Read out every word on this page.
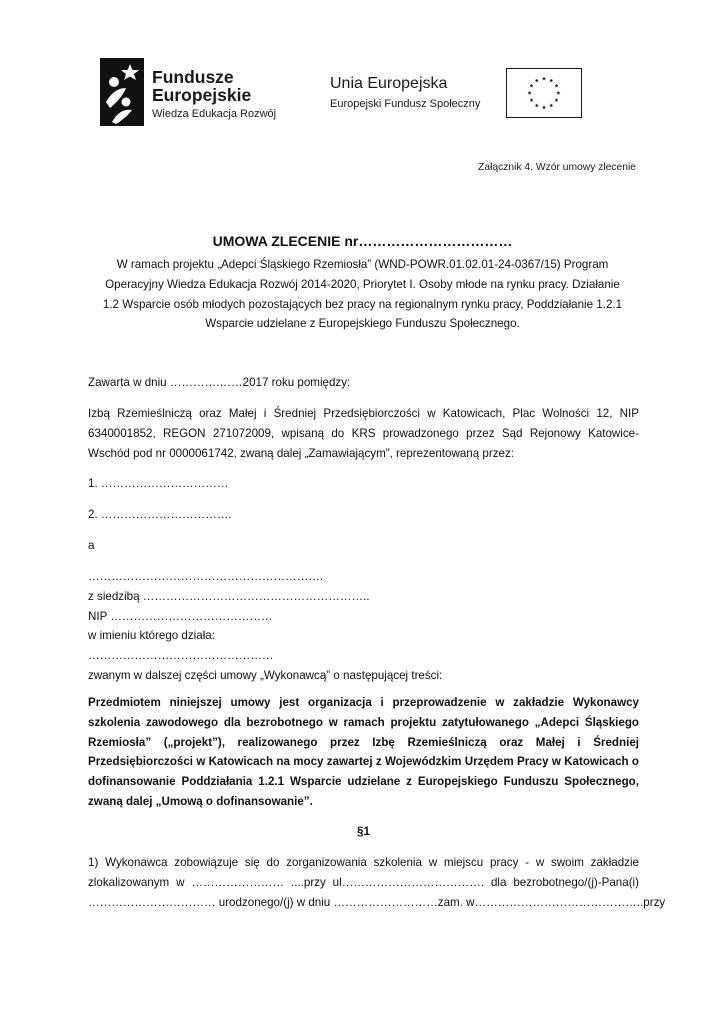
Fundusze
Europejskie
Wiedza Edukacja Rozwój
Unia Europejska
Europejski Fundusz Społeczny
Załącznik 4. Wzór umowy zlecenie
UMOWA ZLECENIE nr……………………………
W ramach projektu „Adepci Śląskiego Rzemiosła” (WND-POWR.01.02.01-24-0367/15) Program
Operacyjny Wiedza Edukacja Rozwój 2014-2020, Priorytet I. Osoby młode na rynku pracy. Działanie
1.2 Wsparcie osób młodych pozostających bez pracy na regionalnym rynku pracy, Poddziałanie 1.2.1
Wsparcie udzielane z Europejskiego Funduszu Społecznego.
Zawarta w dniu ………….……2017 roku pomiędzy:
Izbą Rzemieślniczą oraz Małej i Średniej Przedsiębiorczości w Katowicach, Plac Wolności 12, NIP
6340001852, REGON 271072009, wpisaną do KRS prowadzonego przez Sąd Rejonowy Katowice-
Wschód pod nr 0000061742, zwaną dalej „Zamawiającym”, reprezentowaną przez:
1. ……………………………
2. …………………………….
a
…………………………………………………….
z siedzibą …………………………………………………..
NIP ……………………………………
w imieniu którego działa:
…………………………………………
zwanym w dalszej części umowy „Wykonawcą” o następującej treści:
Przedmiotem niniejszej umowy jest organizacja i przeprowadzenie w zakładzie Wykonawcy
szkolenia zawodowego dla bezrobotnego w ramach projektu zatytułowanego „Adepci Śląskiego
Rzemiosła” („projekt”), realizowanego przez Izbę Rzemieślniczą oraz Małej i Średniej
Przedsiębiorczości w Katowicach na mocy zawartej z Wojewódzkim Urzędem Pracy w Katowicach o
dofinansowanie Poddziałania 1.2.1 Wsparcie udzielane z Europejskiego Funduszu Społecznego,
zwaną dalej „Umową o dofinansowanie”.
§1
1) Wykonawca zobowiązuje się do zorganizowania szkolenia w miejscu pracy - w swoim zakładzie
zlokalizowanym w …………………… ....przy ul………………………………. dla bezrobotnego/(j)-Pana(i)
…………………………… urodzonego/(j) w dniu ………………………zam. w……………………………………..przy
